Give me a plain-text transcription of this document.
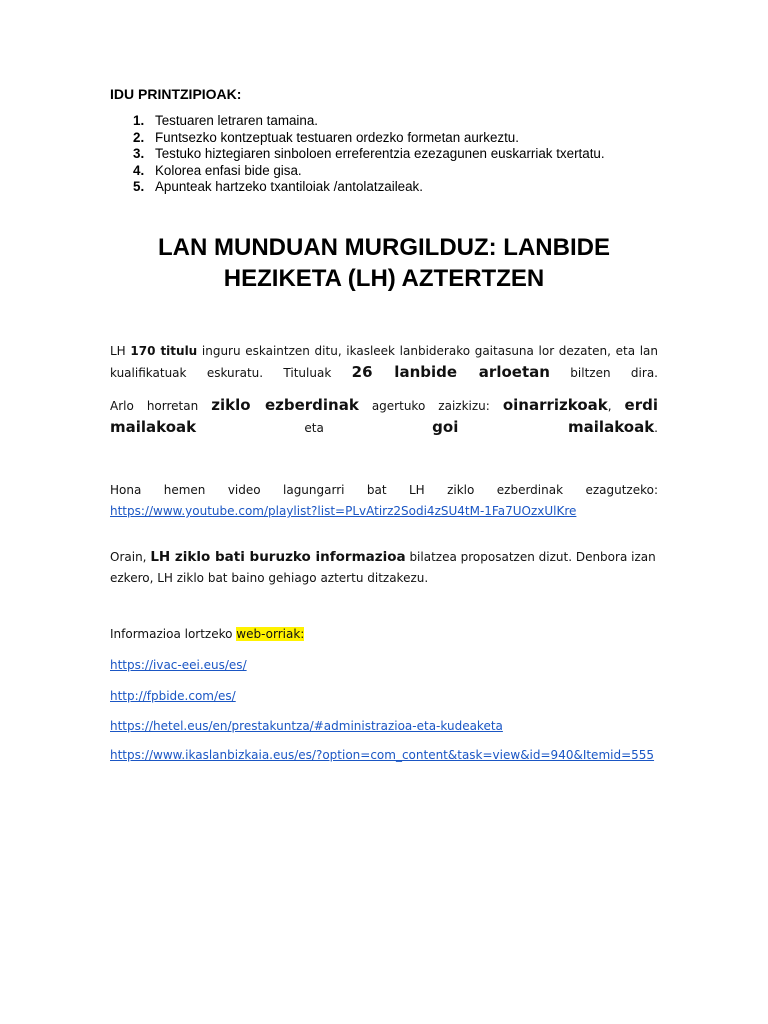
IDU PRINTZIPIOAK:
1. Testuaren letraren tamaina.
2. Funtsezko kontzeptuak testuaren ordezko formetan aurkeztu.
3. Testuko hiztegiaren sinboloen erreferentzia ezezagunen euskarriak txertatu.
4. Kolorea enfasi bide gisa.
5. Apunteak hartzeko txantiloiak /antolatzaileak.
LAN MUNDUAN MURGILDUZ: LANBIDE HEZIKETA (LH) AZTERTZEN

LH 170 titulu inguru eskaintzen ditu, ikasleek lanbiderako gaitasuna lor dezaten, eta lan kualifikatuak eskuratu. Tituluak 26 lanbide arloetan biltzen dira.

Arlo horretan ziklo ezberdinak agertuko zaizkizu: oinarrizkoak, erdi mailakoak eta goi mailakoak.

Hona hemen video lagungarri bat LH ziklo ezberdinak ezagutzeko:
https://www.youtube.com/playlist?list=PLvAtirz2Sodi4zSU4tM-1Fa7UOzxUlKre

Orain, LH ziklo bati buruzko informazioa bilatzea proposatzen dizut. Denbora izan ezkero, LH ziklo bat baino gehiago aztertu ditzakezu.

Informazioa lortzeko web-orriak:

https://ivac-eei.eus/es/

http://fpbide.com/es/

https://hetel.eus/en/prestakuntza/#administrazioa-eta-kudeaketa

https://www.ikaslanbizkaia.eus/es/?option=com_content&task=view&id=940&Itemid=555
